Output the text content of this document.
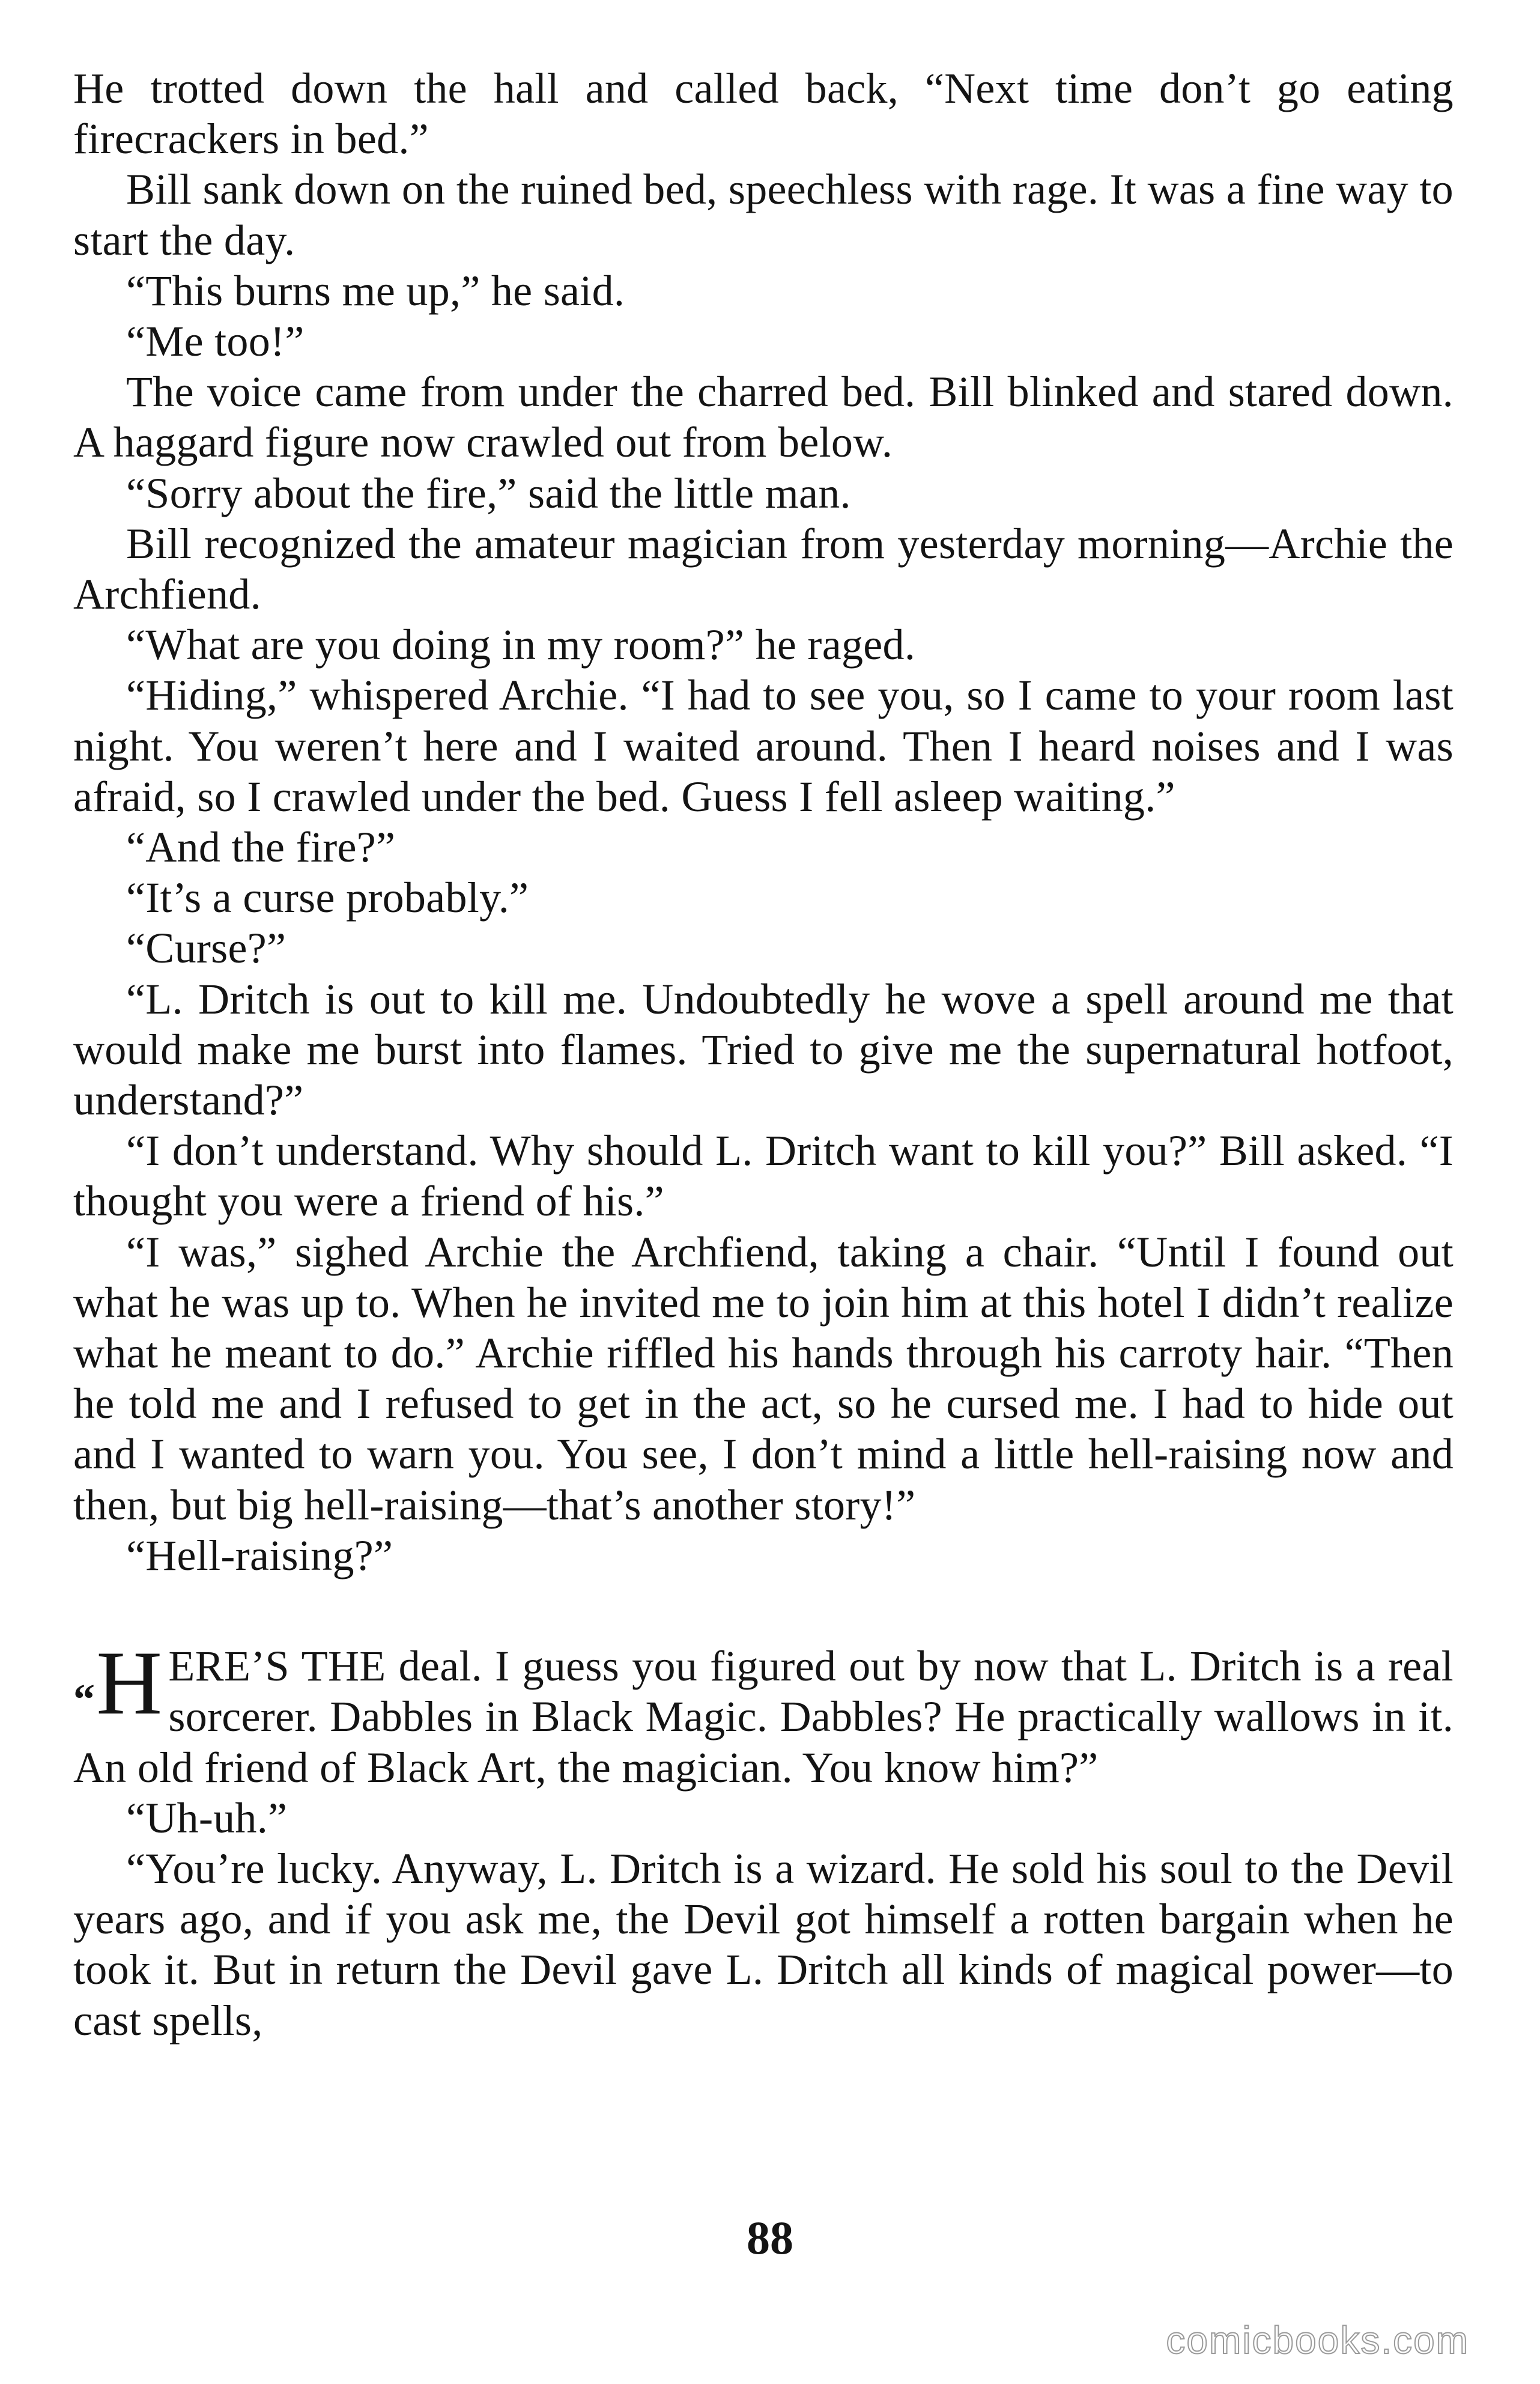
He trotted down the hall and called back, “Next time don’t go eating firecrackers in bed.”

Bill sank down on the ruined bed, speechless with rage. It was a fine way to start the day.

“This burns me up,” he said.

“Me too!”

The voice came from under the charred bed. Bill blinked and stared down. A haggard figure now crawled out from below.

“Sorry about the fire,” said the little man.

Bill recognized the amateur magician from yesterday morning—Archie the Archfiend.

“What are you doing in my room?” he raged.

“Hiding,” whispered Archie. “I had to see you, so I came to your room last night. You weren’t here and I waited around. Then I heard noises and I was afraid, so I crawled under the bed. Guess I fell asleep waiting.”

“And the fire?”

“It’s a curse probably.”

“Curse?”

“L. Dritch is out to kill me. Undoubtedly he wove a spell around me that would make me burst into flames. Tried to give me the supernatural hotfoot, understand?”

“I don’t understand. Why should L. Dritch want to kill you?” Bill asked. “I thought you were a friend of his.”

“I was,” sighed Archie the Archfiend, taking a chair. “Until I found out what he was up to. When he invited me to join him at this hotel I didn’t realize what he meant to do.” Archie riffled his hands through his carroty hair. “Then he told me and I refused to get in the act, so he cursed me. I had to hide out and I wanted to warn you. You see, I don’t mind a little hell-raising now and then, but big hell-raising—that’s another story!”

“Hell-raising?”

“H ERE’S THE deal. I guess you figured out by now that L. Dritch is a real sorcerer. Dabbles in Black Magic. Dabbles? He practically wallows in it. An old friend of Black Art, the magician. You know him?”

“Uh-uh.”

“You’re lucky. Anyway, L. Dritch is a wizard. He sold his soul to the Devil years ago, and if you ask me, the Devil got himself a rotten bargain when he took it. But in return the Devil gave L. Dritch all kinds of magical power—to cast spells,

88
comicbooks.com
